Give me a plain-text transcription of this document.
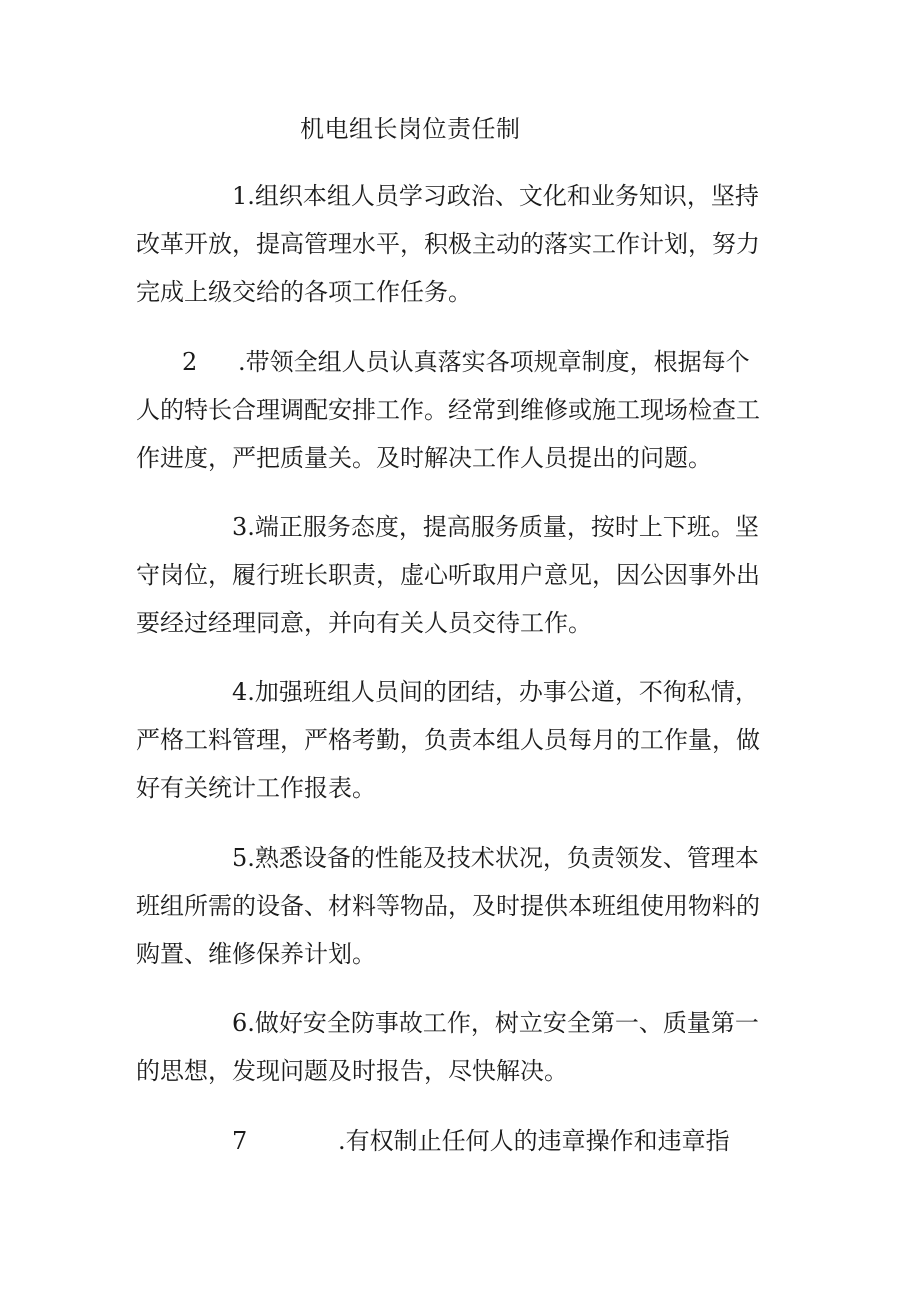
机电组长岗位责任制
1.组织本组人员学习政治、文化和业务知识，坚持
改革开放，提高管理水平，积极主动的落实工作计划，努力
完成上级交给的各项工作任务。
2 .带领全组人员认真落实各项规章制度，根据每个
人的特长合理调配安排工作。经常到维修或施工现场检查工
作进度，严把质量关。及时解决工作人员提出的问题。
3.端正服务态度，提高服务质量，按时上下班。坚
守岗位，履行班长职责，虚心听取用户意见，因公因事外出
要经过经理同意，并向有关人员交待工作。
4.加强班组人员间的团结，办事公道，不徇私情，
严格工料管理，严格考勤，负责本组人员每月的工作量，做
好有关统计工作报表。
5.熟悉设备的性能及技术状况，负责领发、管理本
班组所需的设备、材料等物品，及时提供本班组使用物料的
购置、维修保养计划。
6.做好安全防事故工作，树立安全第一、质量第一
的思想，发现问题及时报告，尽快解决。
7	.有权制止任何人的违章操作和违章指
